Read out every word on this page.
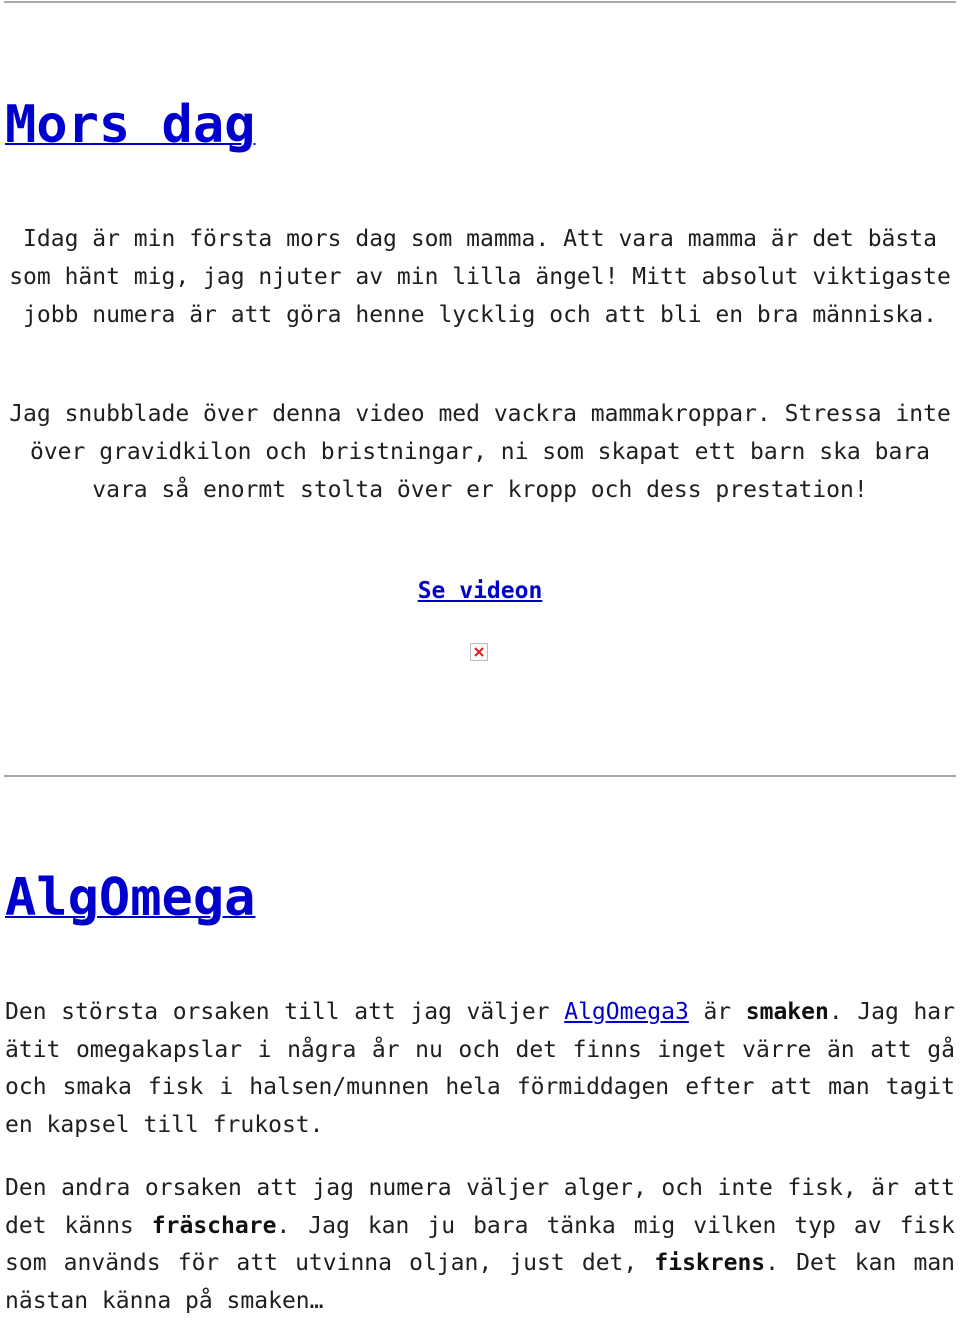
Mors dag

Idag är min första mors dag som mamma. Att vara mamma är det bästa som hänt mig, jag njuter av min lilla ängel! Mitt absolut viktigaste jobb numera är att göra henne lycklig och att bli en bra människa.

Jag snubblade över denna video med vackra mammakroppar. Stressa inte över gravidkilon och bristningar, ni som skapat ett barn ska bara vara så enormt stolta över er kropp och dess prestation!

Se videon

AlgOmega

Den största orsaken till att jag väljer AlgOmega3 är smaken. Jag har ätit omegakapslar i några år nu och det finns inget värre än att gå och smaka fisk i halsen/munnen hela förmiddagen efter att man tagit en kapsel till frukost.

Den andra orsaken att jag numera väljer alger, och inte fisk, är att det känns fräschare. Jag kan ju bara tänka mig vilken typ av fisk som används för att utvinna oljan, just det, fiskrens. Det kan man nästan känna på smaken…
